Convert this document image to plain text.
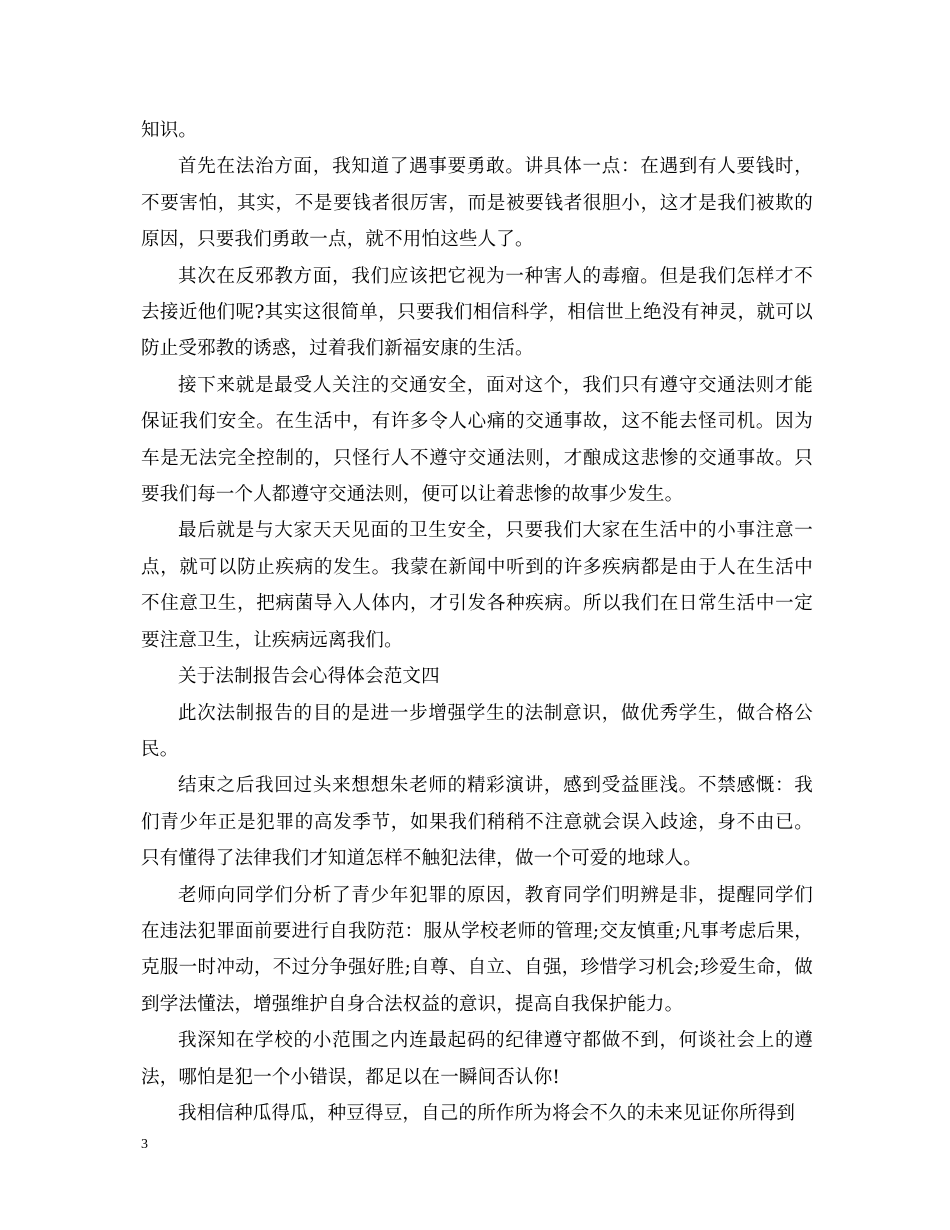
知识。

首先在法治方面，我知道了遇事要勇敢。讲具体一点：在遇到有人要钱时，不要害怕，其实，不是要钱者很厉害，而是被要钱者很胆小，这才是我们被欺的原因，只要我们勇敢一点，就不用怕这些人了。

其次在反邪教方面，我们应该把它视为一种害人的毒瘤。但是我们怎样才不去接近他们呢?其实这很简单，只要我们相信科学，相信世上绝没有神灵，就可以防止受邪教的诱惑，过着我们新福安康的生活。

接下来就是最受人关注的交通安全，面对这个，我们只有遵守交通法则才能保证我们安全。在生活中，有许多令人心痛的交通事故，这不能去怪司机。因为车是无法完全控制的，只怪行人不遵守交通法则，才酿成这悲惨的交通事故。只要我们每一个人都遵守交通法则，便可以让着悲惨的故事少发生。

最后就是与大家天天见面的卫生安全，只要我们大家在生活中的小事注意一点，就可以防止疾病的发生。我蒙在新闻中听到的许多疾病都是由于人在生活中不住意卫生，把病菌导入人体内，才引发各种疾病。所以我们在日常生活中一定要注意卫生，让疾病远离我们。

关于法制报告会心得体会范文四

此次法制报告的目的是进一步增强学生的法制意识，做优秀学生，做合格公民。

结束之后我回过头来想想朱老师的精彩演讲，感到受益匪浅。不禁感慨：我们青少年正是犯罪的高发季节，如果我们稍稍不注意就会误入歧途，身不由已。只有懂得了法律我们才知道怎样不触犯法律，做一个可爱的地球人。

老师向同学们分析了青少年犯罪的原因，教育同学们明辨是非，提醒同学们在违法犯罪面前要进行自我防范：服从学校老师的管理;交友慎重;凡事考虑后果，克服一时冲动，不过分争强好胜;自尊、自立、自强，珍惜学习机会;珍爱生命，做到学法懂法，增强维护自身合法权益的意识，提高自我保护能力。

我深知在学校的小范围之内连最起码的纪律遵守都做不到，何谈社会上的遵法，哪怕是犯一个小错误，都足以在一瞬间否认你!

我相信种瓜得瓜，种豆得豆，自己的所作所为将会不久的未来见证你所得到

3
